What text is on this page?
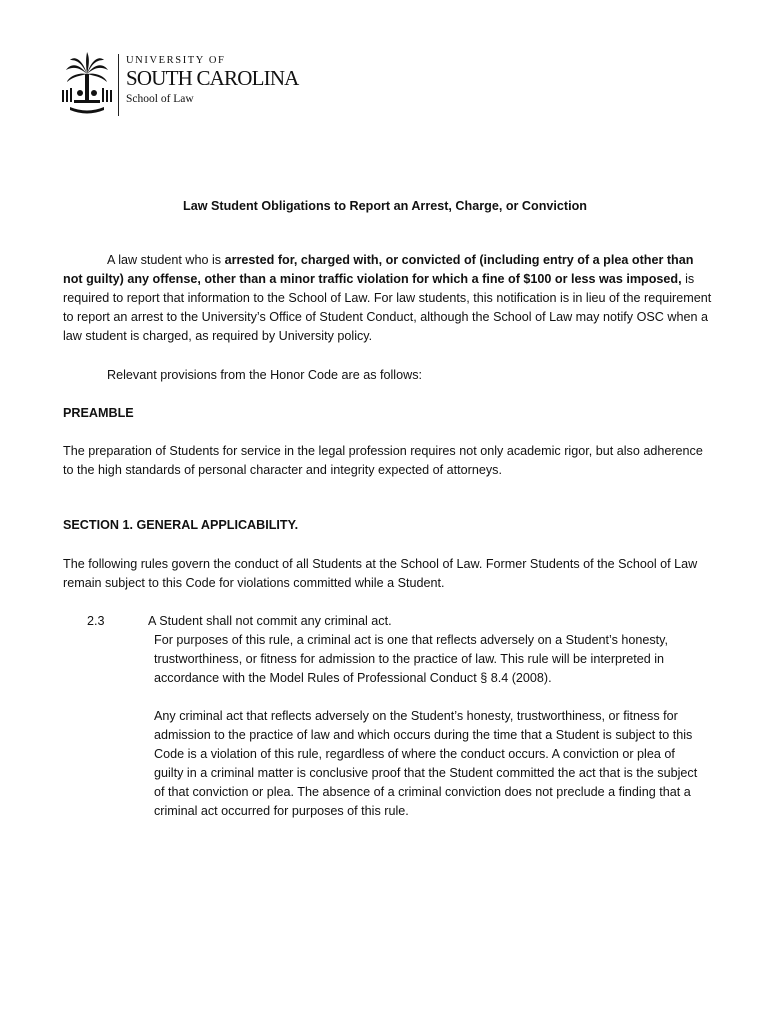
UNIVERSITY OF
SOUTH CAROLINA
School of Law
Law Student Obligations to Report an Arrest, Charge, or Conviction
A law student who is arrested for, charged with, or convicted of (including entry of a plea other than not guilty) any offense, other than a minor traffic violation for which a fine of $100 or less was imposed, is required to report that information to the School of Law. For law students, this notification is in lieu of the requirement to report an arrest to the University’s Office of Student Conduct, although the School of Law may notify OSC when a law student is charged, as required by University policy.
Relevant provisions from the Honor Code are as follows:
PREAMBLE
The preparation of Students for service in the legal profession requires not only academic rigor, but also adherence to the high standards of personal character and integrity expected of attorneys.
SECTION 1. GENERAL APPLICABILITY.
The following rules govern the conduct of all Students at the School of Law. Former Students of the School of Law remain subject to this Code for violations committed while a Student.
2.3	A Student shall not commit any criminal act.
For purposes of this rule, a criminal act is one that reflects adversely on a Student’s honesty, trustworthiness, or fitness for admission to the practice of law. This rule will be interpreted in accordance with the Model Rules of Professional Conduct § 8.4 (2008).
Any criminal act that reflects adversely on the Student’s honesty, trustworthiness, or fitness for admission to the practice of law and which occurs during the time that a Student is subject to this Code is a violation of this rule, regardless of where the conduct occurs. A conviction or plea of guilty in a criminal matter is conclusive proof that the Student committed the act that is the subject of that conviction or plea. The absence of a criminal conviction does not preclude a finding that a criminal act occurred for purposes of this rule.
